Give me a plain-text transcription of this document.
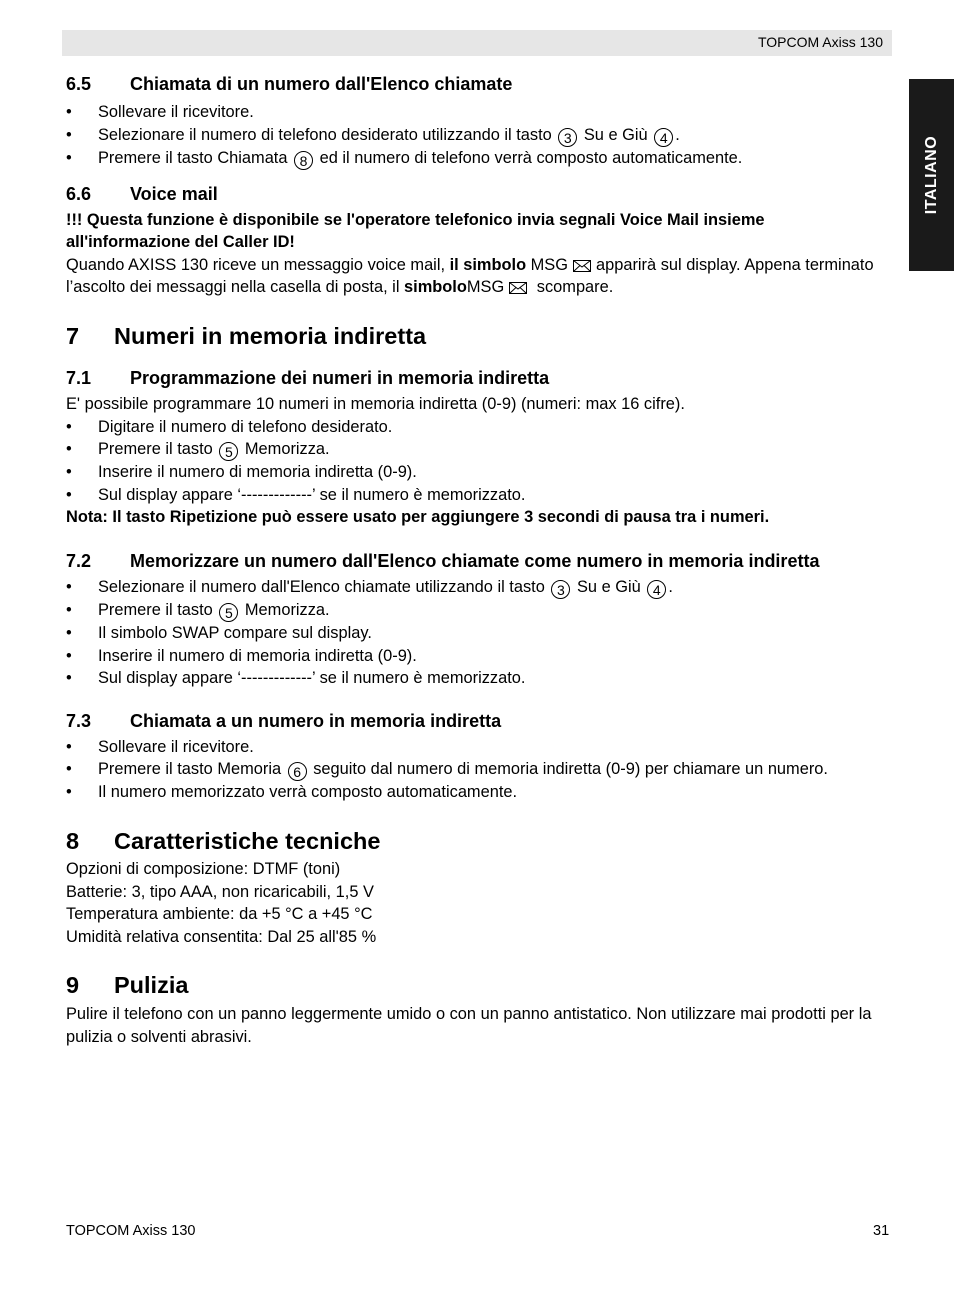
TOPCOM Axiss 130
ITALIANO
6.5	Chiamata di un numero dall'Elenco chiamate
• Sollevare il ricevitore.
• Selezionare il numero di telefono desiderato utilizzando il tasto 3 Su e Giù 4 .
• Premere il tasto Chiamata 8 ed il numero di telefono verrà composto automaticamente.
6.6	Voice mail

!!! Questa funzione è disponibile se l'operatore telefonico invia segnali Voice Mail insieme all'informazione del Caller ID!

Quando AXISS 130 riceve un messaggio voice mail, il simbolo MSG apparirà sul display. Appena terminato l’ascolto dei messaggi nella casella di posta, il simboloMSG scompare.

7	Numeri in memoria indiretta
7.1	Programmazione dei numeri in memoria indiretta

E' possibile programmare 10 numeri in memoria indiretta (0-9) (numeri: max 16 cifre).

• Digitare il numero di telefono desiderato.
• Premere il tasto 5 Memorizza.
• Inserire il numero di memoria indiretta (0-9).
• Sul display appare ‘-------------’ se il numero è memorizzato.

Nota: Il tasto Ripetizione può essere usato per aggiungere 3 secondi di pausa tra i numeri.

7.2	Memorizzare un numero dall'Elenco chiamate come numero in memoria indiretta
• Selezionare il numero dall'Elenco chiamate utilizzando il tasto 3 Su e Giù 4 .
• Premere il tasto 5 Memorizza.
• Il simbolo SWAP compare sul display.
• Inserire il numero di memoria indiretta (0-9).
• Sul display appare ‘-------------’ se il numero è memorizzato.
7.3	Chiamata a un numero in memoria indiretta
• Sollevare il ricevitore.
• Premere il tasto Memoria 6 seguito dal numero di memoria indiretta (0-9) per chiamare un numero.
• Il numero memorizzato verrà composto automaticamente.
8	Caratteristiche tecniche

Opzioni di composizione: DTMF (toni)

Batterie: 3, tipo AAA, non ricaricabili, 1,5 V

Temperatura ambiente: da +5 °C a +45 °C

Umidità relativa consentita: Dal 25 all'85 %

9	Pulizia

Pulire il telefono con un panno leggermente umido o con un panno antistatico. Non utilizzare mai prodotti per la pulizia o solventi abrasivi.

TOPCOM Axiss 130	31
